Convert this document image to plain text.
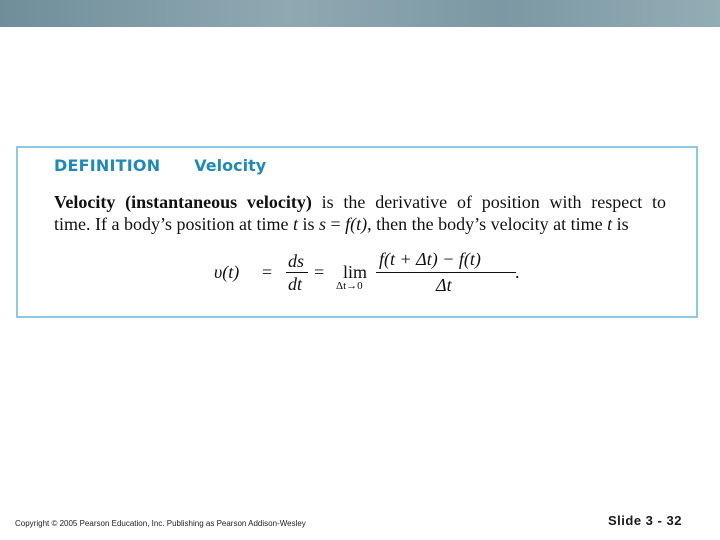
DEFINITION Velocity
Velocity (instantaneous velocity) is the derivative of position with respect to
time. If a body’s position at time t is s = f(t), then the body’s velocity at time t is
υ(t) =
ds
dt
= lim
Δt→0
f(t + Δt) − f(t)
Δt
.
Copyright © 2005 Pearson Education, Inc. Publishing as Pearson Addison-Wesley	Slide 3 - 32
